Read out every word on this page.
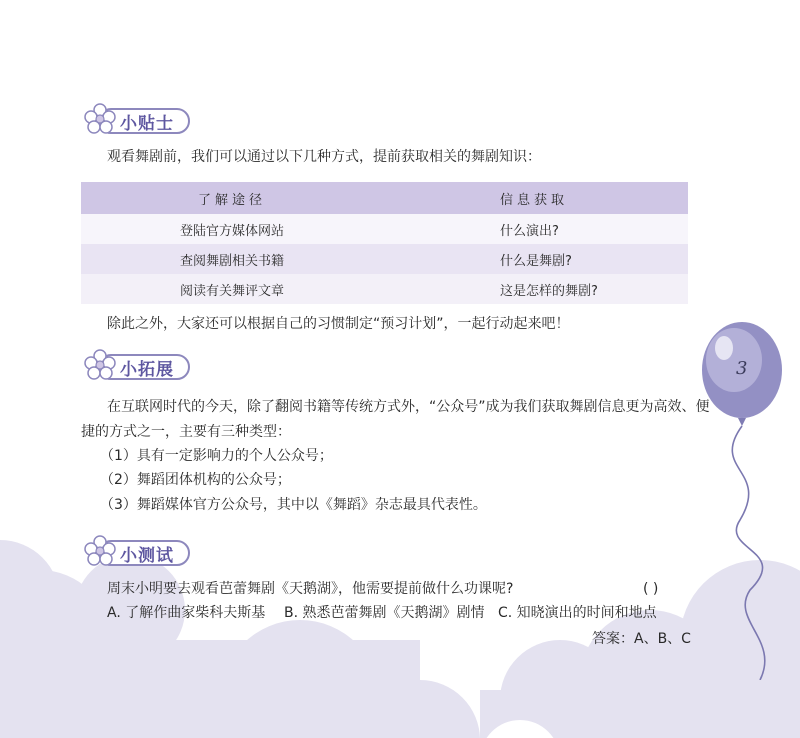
3
小贴士
观看舞剧前，我们可以通过以下几种方式，提前获取相关的舞剧知识：
了解途径	信息获取
登陆官方媒体网站	什么演出?
查阅舞剧相关书籍	什么是舞剧?
阅读有关舞评文章	这是怎样的舞剧?
除此之外，大家还可以根据自己的习惯制定“预习计划”，一起行动起来吧！
小拓展
在互联网时代的今天，除了翻阅书籍等传统方式外，“公众号”成为我们获取舞剧信息更为高效、便
捷的方式之一，主要有三种类型：
（1）具有一定影响力的个人公众号；
（2）舞蹈团体机构的公众号；
（3）舞蹈媒体官方公众号，其中以《舞蹈》杂志最具代表性。
小测试
周末小明要去观看芭蕾舞剧《天鹅湖》，他需要提前做什么功课呢?	( )
A. 了解作曲家柴科夫斯基 B. 熟悉芭蕾舞剧《天鹅湖》剧情 C. 知晓演出的时间和地点
答案：A、B、C
